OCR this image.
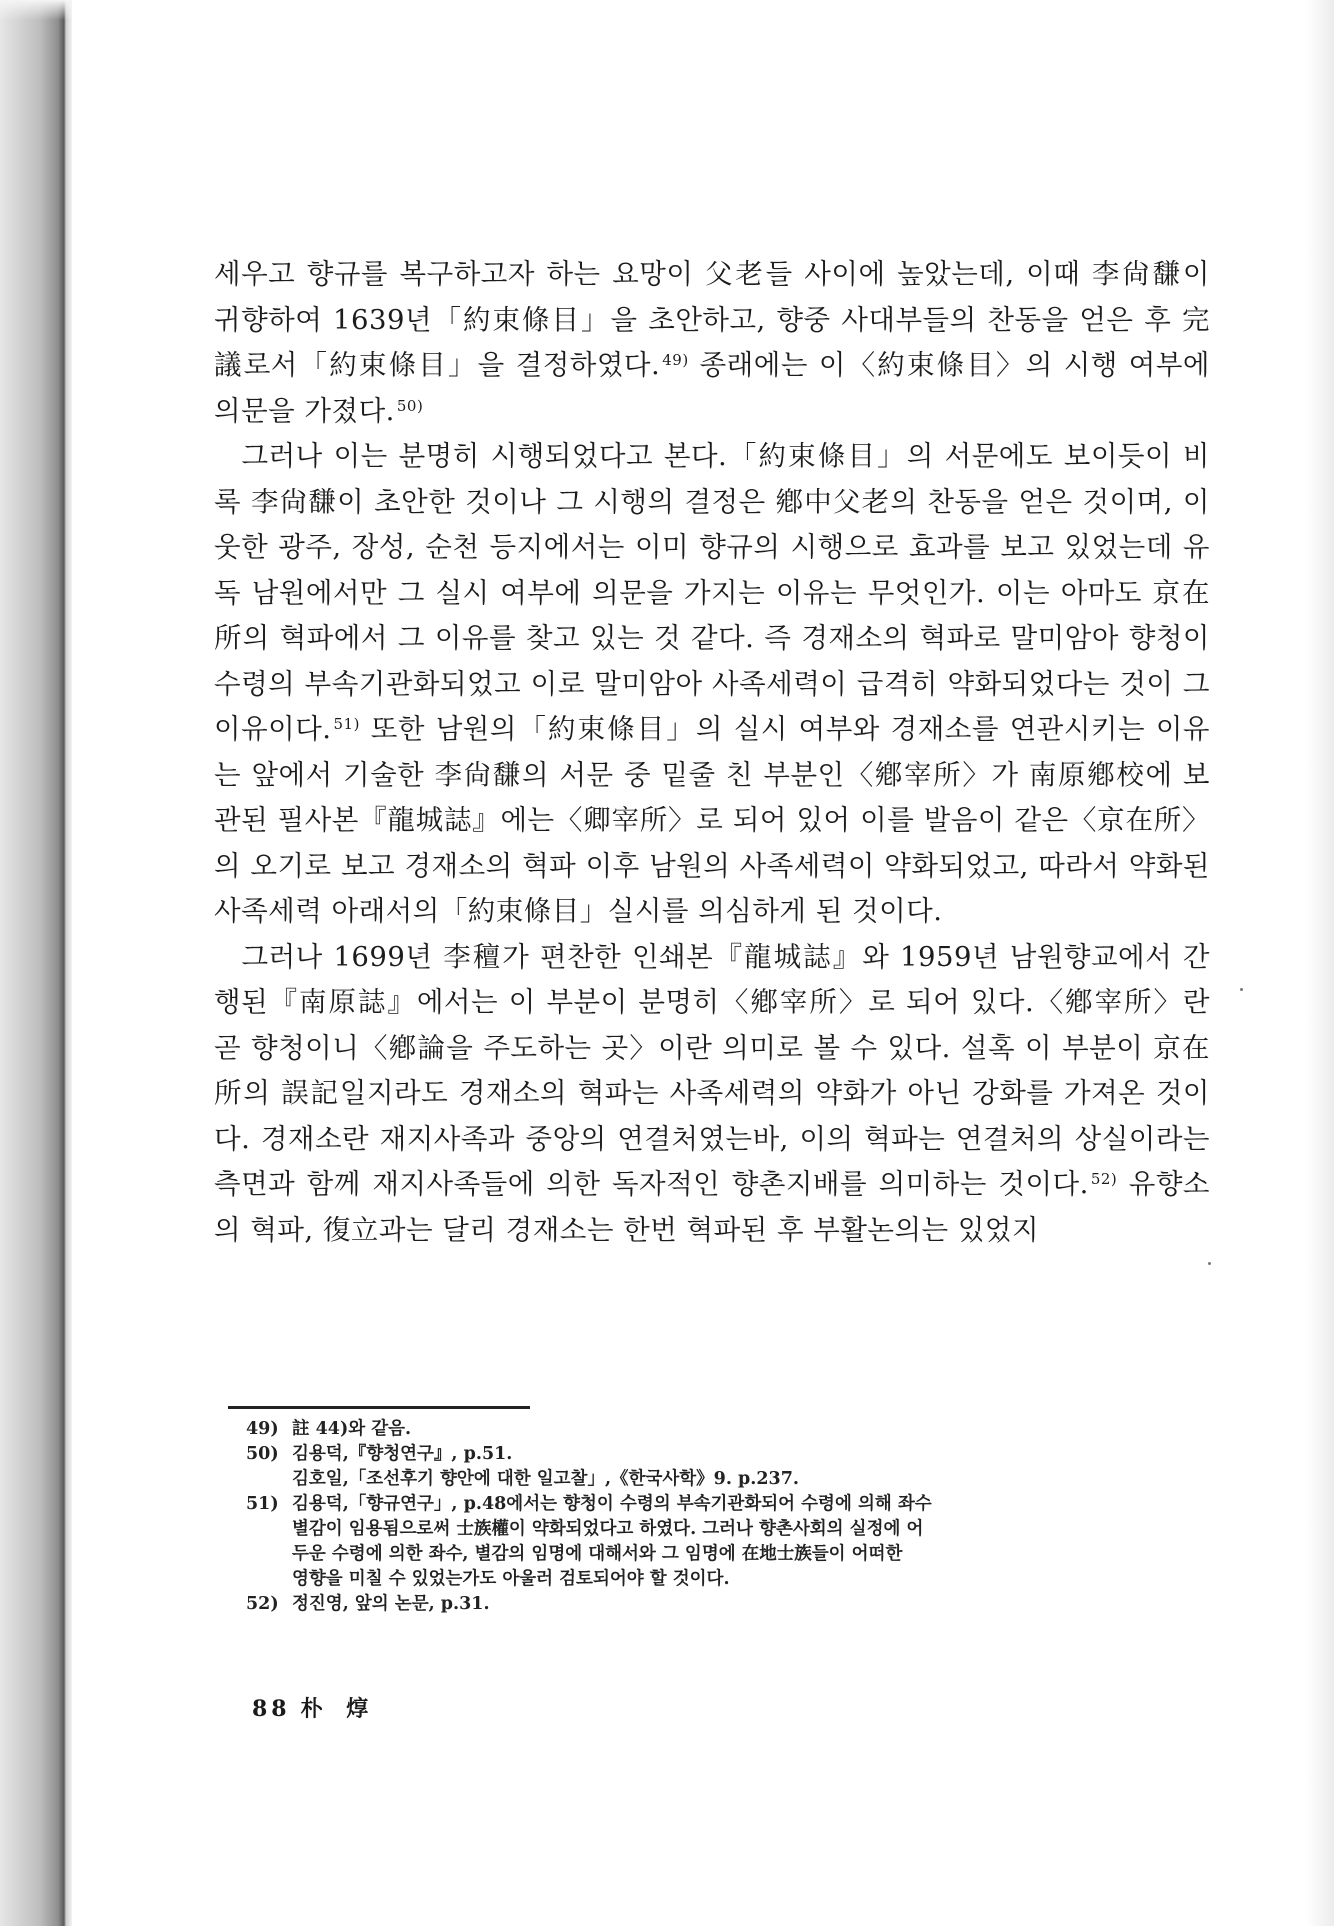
세우고 향규를 복구하고자 하는 요망이 父老들 사이에 높았는데, 이때 李尙馦이 귀향하여 1639년「約束條目」을 초안하고, 향중 사대부들의 찬동을 얻은 후 完議로서「約束條目」을 결정하였다. $^{49)}$ 종래에는 이〈約束條目〉의 시행 여부에 의문을 가졌다. $^{50)}$

그러나 이는 분명히 시행되었다고 본다.「約束條目」의 서문에도 보이듯이 비록 李尙馦이 초안한 것이나 그 시행의 결정은 鄕中父老의 찬동을 얻은 것이며, 이웃한 광주, 장성, 순천 등지에서는 이미 향규의 시행으로 효과를 보고 있었는데 유독 남원에서만 그 실시 여부에 의문을 가지는 이유는 무엇인가. 이는 아마도 京在所의 혁파에서 그 이유를 찾고 있는 것 같다. 즉 경재소의 혁파로 말미암아 향청이 수령의 부속기관화되었고 이로 말미암아 사족세력이 급격히 약화되었다는 것이 그 이유이다. $^{51)}$ 또한 남원의「約束條目」의 실시 여부와 경재소를 연관시키는 이유는 앞에서 기술한 李尙馦의 서문 중 밑줄 친 부분인〈鄕宰所〉가 南原鄕校에 보관된 필사본『龍城誌』에는〈卿宰所〉로 되어 있어 이를 발음이 같은〈京在所〉의 오기로 보고 경재소의 혁파 이후 남원의 사족세력이 약화되었고, 따라서 약화된 사족세력 아래서의「約束條目」실시를 의심하게 된 것이다.

그러나 1699년 李䆄가 편찬한 인쇄본『龍城誌』와 1959년 남원향교에서 간행된『南原誌』에서는 이 부분이 분명히〈鄕宰所〉로 되어 있다.〈鄕宰所〉란 곧 향청이니〈鄕論을 주도하는 곳〉이란 의미로 볼 수 있다. 설혹 이 부분이 京在所의 誤記일지라도 경재소의 혁파는 사족세력의 약화가 아닌 강화를 가져온 것이다. 경재소란 재지사족과 중앙의 연결처였는바, 이의 혁파는 연결처의 상실이라는 측면과 함께 재지사족들에 의한 독자적인 향촌지배를 의미하는 것이다. $^{52)}$ 유향소의 혁파, 復立과는 달리 경재소는 한번 혁파된 후 부활논의는 있었지

49) 註 44)와 같음.
50) 김용덕,『향청연구』, p.51.
김호일,「조선후기 향안에 대한 일고찰」,《한국사학》9. p.237.
51) 김용덕,「향규연구」, p.48에서는 향청이 수령의 부속기관화되어 수령에 의해 좌수
별감이 임용됨으로써 士族權이 약화되었다고 하였다. 그러나 향촌사회의 실정에 어
두운 수령에 의한 좌수, 별감의 임명에 대해서와 그 임명에 在地士族들이 어떠한
영향을 미칠 수 있었는가도 아울러 검토되어야 할 것이다.
52) 정진영, 앞의 논문, p.31.
88 朴 焞
